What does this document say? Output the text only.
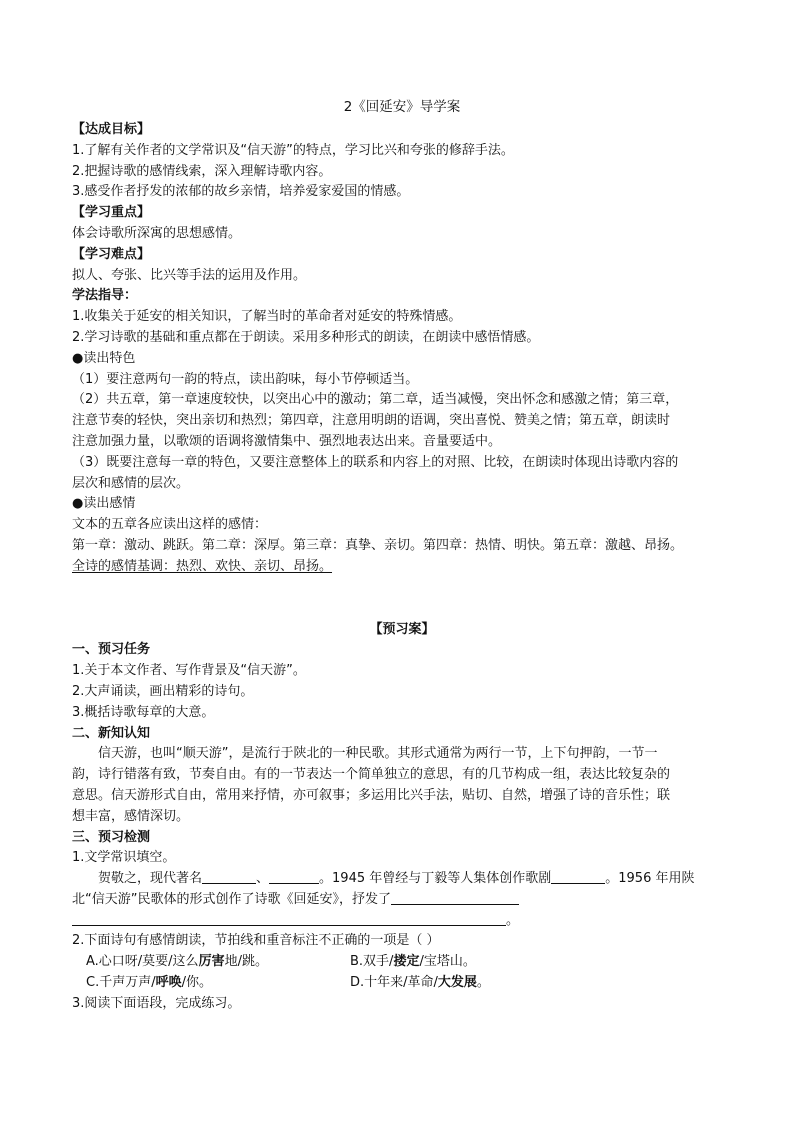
2《回延安》导学案
【达成目标】
1.了解有关作者的文学常识及“信天游”的特点，学习比兴和夸张的修辞手法。
2.把握诗歌的感情线索，深入理解诗歌内容。
3.感受作者抒发的浓郁的故乡亲情，培养爱家爱国的情感。
【学习重点】
体会诗歌所深寓的思想感情。
【学习难点】
拟人、夸张、比兴等手法的运用及作用。
学法指导：
1.收集关于延安的相关知识，了解当时的革命者对延安的特殊情感。
2.学习诗歌的基础和重点都在于朗读。采用多种形式的朗读，在朗读中感悟情感。
●读出特色
（1）要注意两句一韵的特点，读出韵味，每小节停顿适当。
（2）共五章，第一章速度较快，以突出心中的激动；第二章，适当减慢，突出怀念和感激之情；第三章，
注意节奏的轻快，突出亲切和热烈；第四章，注意用明朗的语调，突出喜悦、赞美之情；第五章，朗读时
注意加强力量，以歌颂的语调将激情集中、强烈地表达出来。音量要适中。
（3）既要注意每一章的特色，又要注意整体上的联系和内容上的对照、比较，在朗读时体现出诗歌内容的
层次和感情的层次。
●读出感情
文本的五章各应读出这样的感情：
第一章：激动、跳跃。第二章：深厚。第三章：真挚、亲切。第四章：热情、明快。第五章：激越、昂扬。
全诗的感情基调：热烈、欢快、亲切、昂扬。
【预习案】
一、预习任务
1.关于本文作者、写作背景及“信天游”。
2.大声诵读，画出精彩的诗句。
3.概括诗歌每章的大意。
二、新知认知
信天游，也叫“顺天游”，是流行于陕北的一种民歌。其形式通常为两行一节，上下句押韵，一节一
韵，诗行错落有致，节奏自由。有的一节表达一个简单独立的意思，有的几节构成一组，表达比较复杂的
意思。信天游形式自由，常用来抒情，亦可叙事；多运用比兴手法，贴切、自然，增强了诗的音乐性；联
想丰富，感情深切。
三、预习检测
1.文学常识填空。
贺敬之，现代著名	、	。1945 年曾经与丁毅等人集体创作歌剧	。1956 年用陕
北“信天游”民歌体的形式创作了诗歌《回延安》，抒发了
。
2.下面诗句有感情朗读，节拍线和重音标注不正确的一项是（ ）
A.心口呀/莫要/这么厉害地/跳。	B.双手/搂定/宝塔山。
C.千声万声/呼唤/你。	D.十年来/革命/大发展。
3.阅读下面语段，完成练习。
